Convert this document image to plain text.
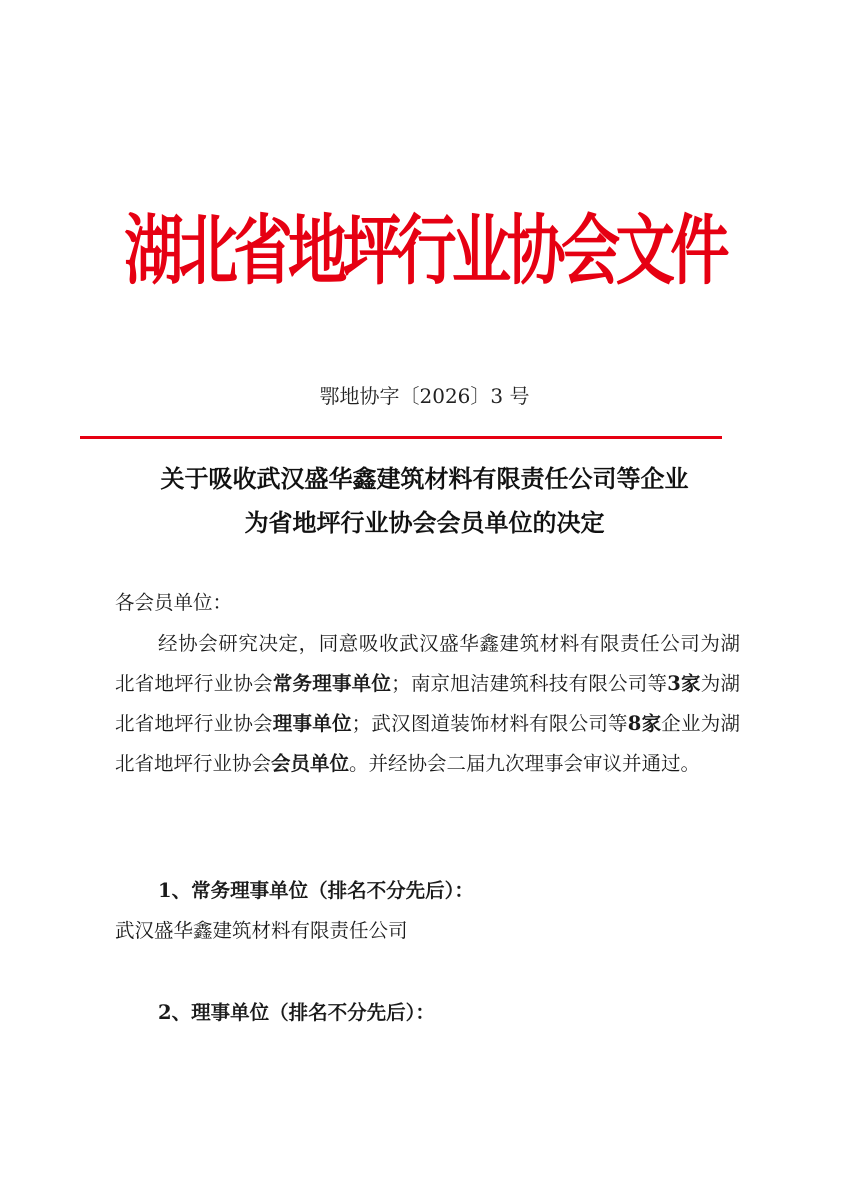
湖北省地坪行业协会文件
鄂地协字〔2026〕3 号
关于吸收武汉盛华鑫建筑材料有限责任公司等企业
为省地坪行业协会会员单位的决定
各会员单位：
经协会研究决定，同意吸收武汉盛华鑫建筑材料有限责任公司为湖北省地坪行业协会常务理事单位；南京旭洁建筑科技有限公司等3家为湖北省地坪行业协会理事单位；武汉图道装饰材料有限公司等8家企业为湖北省地坪行业协会会员单位。并经协会二届九次理事会审议并通过。
1、常务理事单位（排名不分先后）：
武汉盛华鑫建筑材料有限责任公司
2、理事单位（排名不分先后）：
